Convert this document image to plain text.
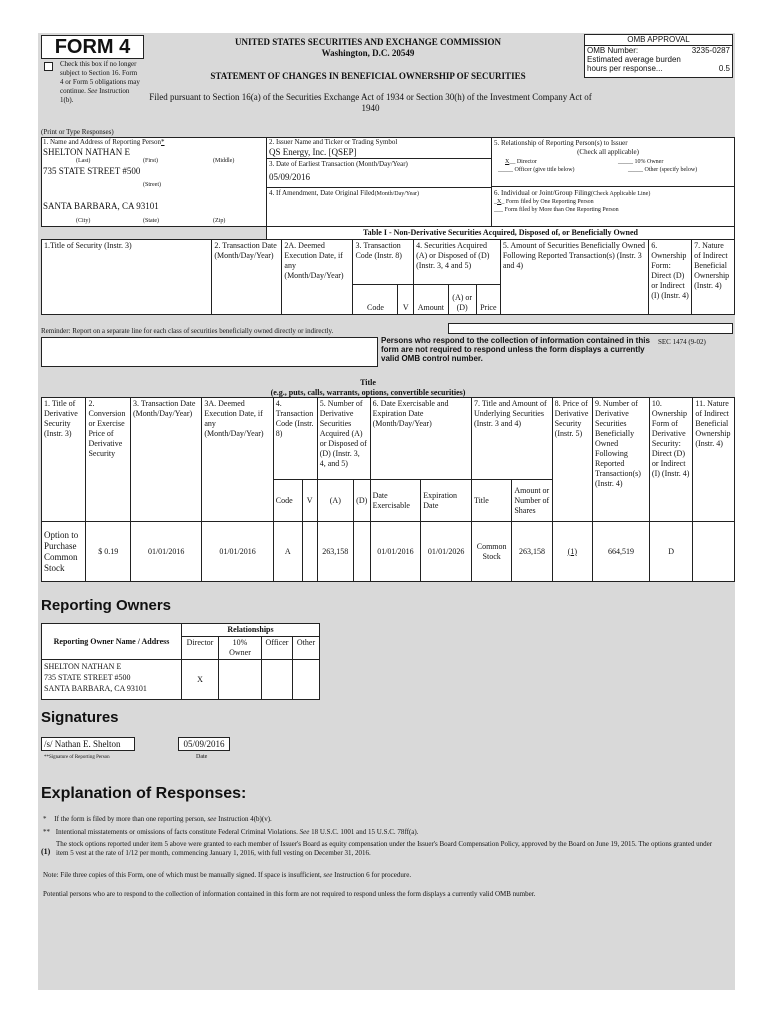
FORM 4
Check this box if no longer subject to Section 16. Form 4 or Form 5 obligations may continue. See Instruction 1(b).
UNITED STATES SECURITIES AND EXCHANGE COMMISSION
Washington, D.C. 20549
STATEMENT OF CHANGES IN BENEFICIAL OWNERSHIP OF SECURITIES
Filed pursuant to Section 16(a) of the Securities Exchange Act of 1934 or Section 30(h) of the Investment Company Act of 1940
OMB APPROVAL
OMB Number:	3235-0287

Estimated average burden
hours per response...	0.5
(Print or Type Responses)
1. Name and Address of Reporting Person*
SHELTON NATHAN E
(Last)	(First)	(Middle)
735 STATE STREET #500
(Street)
SANTA BARBARA, CA 93101
(City)	(State)	(Zip)
2. Issuer Name and Ticker or Trading Symbol
QS Energy, Inc. [QSEP]
3. Date of Earliest Transaction (Month/Day/Year)
05/09/2016
4. If Amendment, Date Original Filed(Month/Day/Year)
5. Relationship of Reporting Person(s) to Issuer
(Check all applicable)
X__ Director	_____ 10% Owner
_____ Officer (give title below)	_____ Other (specify below)
6. Individual or Joint/Group Filing(Check Applicable Line)
_X_ Form filed by One Reporting Person
___ Form filed by More than One Reporting Person
Table I - Non-Derivative Securities Acquired, Disposed of, or Beneficially Owned
1.Title of Security (Instr. 3)	2. Transaction Date (Month/Day/Year)	2A. Deemed Execution Date, if any (Month/Day/Year)	3. Transaction Code (Instr. 8)		4. Securities Acquired (A) or Disposed of (D) (Instr. 3, 4 and 5)			5. Amount of Securities Beneficially Owned Following Reported Transaction(s) (Instr. 3 and 4)	6. Ownership Form: Direct (D) or Indirect (I) (Instr. 4)	7. Nature of Indirect Beneficial Ownership (Instr. 4)
			Code	V	Amount	(A) or (D)	Price			
Reminder: Report on a separate line for each class of securities beneficially owned directly or indirectly.
Persons who respond to the collection of information contained in this form are not required to respond unless the form displays a currently valid OMB control number.
SEC 1474 (9-02)
Title
(e.g., puts, calls, warrants, options, convertible securities)
1. Title of Derivative Security (Instr. 3)	2. Conversion or Exercise Price of Derivative Security	3. Transaction Date (Month/Day/Year)	3A. Deemed Execution Date, if any (Month/Day/Year)	4. Transaction Code (Instr. 8)		5. Number of Derivative Securities Acquired (A) or Disposed of (D) (Instr. 3, 4, and 5)		6. Date Exercisable and Expiration Date (Month/Day/Year)		7. Title and Amount of Underlying Securities (Instr. 3 and 4)		8. Price of Derivative Security (Instr. 5)	9. Number of Derivative Securities Beneficially Owned Following Reported Transaction(s) (Instr. 4)	10. Ownership Form of Derivative Security: Direct (D) or Indirect (I) (Instr. 4)	11. Nature of Indirect Beneficial Ownership (Instr. 4)
				Code	V	(A)	(D)	Date Exercisable	Expiration Date	Title	Amount or Number of Shares				
Option to Purchase Common Stock	$ 0.19	01/01/2016	01/01/2016	A		263,158		01/01/2016	01/01/2026	Common Stock	263,158	(1)	664,519	D	
Reporting Owners
Reporting Owner Name / Address	Relationships			
	Director	10% Owner	Officer	Other
SHELTON NATHAN E
735 STATE STREET #500
SANTA BARBARA, CA 93101	X			
Signatures
/s/ Nathan E. Shelton	05/09/2016
**Signature of Reporting Person	Date
Explanation of Responses:
* If the form is filed by more than one reporting person, see Instruction 4(b)(v).
** Intentional misstatements or omissions of facts constitute Federal Criminal Violations. See 18 U.S.C. 1001 and 15 U.S.C. 78ff(a).
(1)
The stock options reported under item 5 above were granted to each member of Issuer's Board as equity compensation under the Issuer's Board Compensation Policy, approved by the Board on June 19, 2015. The options granted under item 5 vest at the rate of 1/12 per month, commencing January 1, 2016, with full vesting on December 31, 2016.
Note: File three copies of this Form, one of which must be manually signed. If space is insufficient, see Instruction 6 for procedure.
Potential persons who are to respond to the collection of information contained in this form are not required to respond unless the form displays a currently valid OMB number.
